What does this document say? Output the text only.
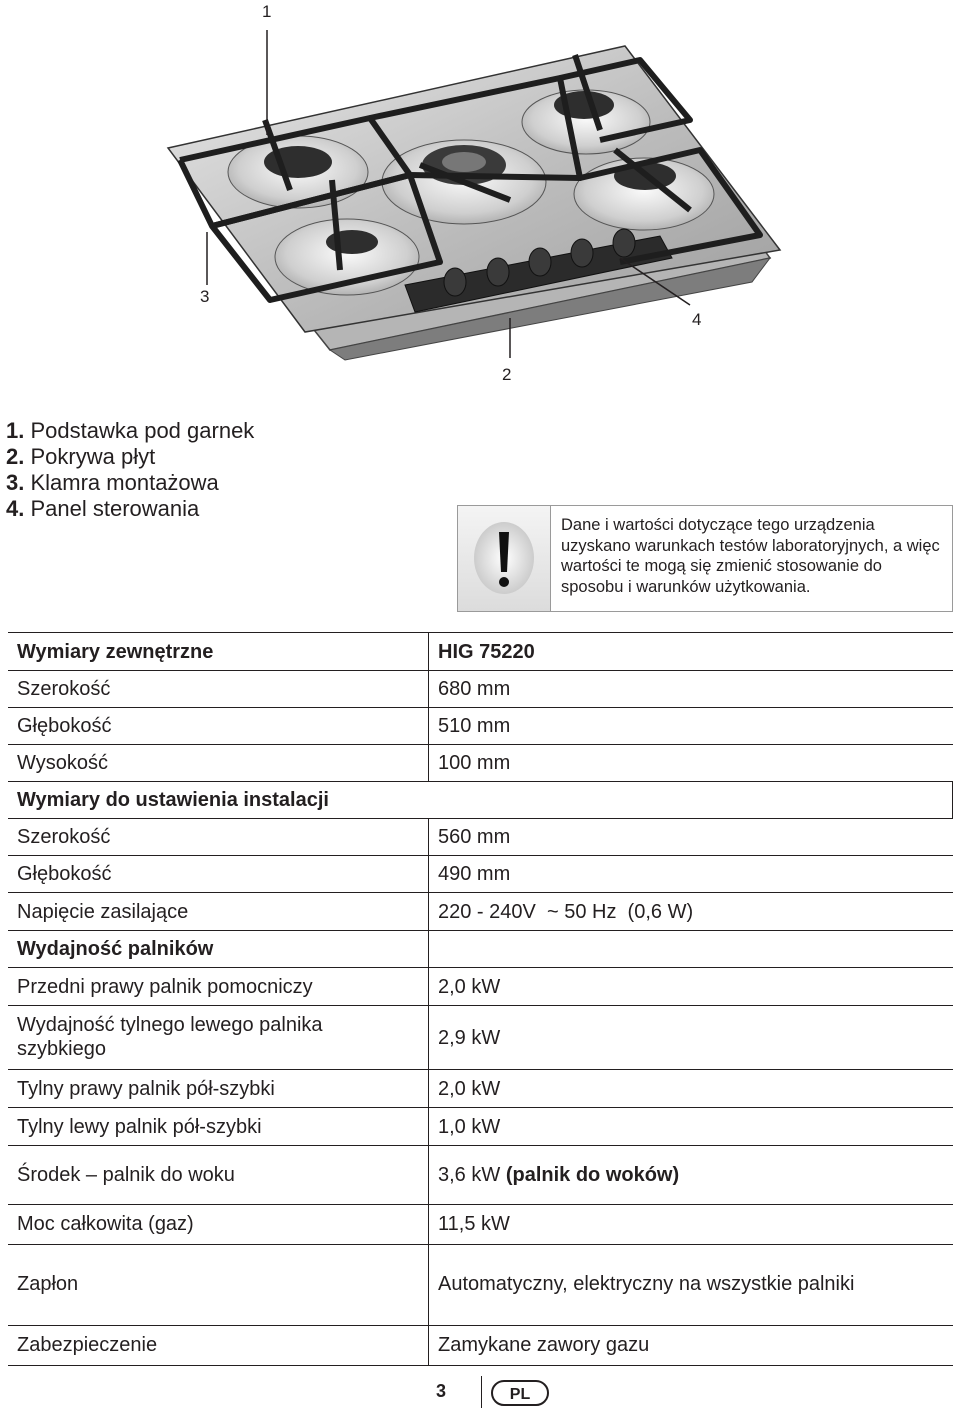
1
2
3
4
1. Podstawka pod garnek
2. Pokrywa płyt
3. Klamra montażowa
4. Panel sterowania
Dane i wartości dotyczące tego urządzenia uzyskano warunkach testów laboratoryjnych, a więc wartości te mogą się zmienić stosowanie do sposobu i warunków użytkowania.
Wymiary zewnętrzne	HIG 75220
Szerokość	680 mm
Głębokość	510 mm
Wysokość	100 mm
Wymiary do ustawienia instalacji
Szerokość	560 mm
Głębokość	490 mm
Napięcie zasilające	220 - 240V  ~ 50 Hz  (0,6 W)
Wydajność palników
Przedni prawy palnik pomocniczy	2,0 kW
Wydajność tylnego lewego palnika szybkiego	2,9 kW
Tylny prawy palnik pół-szybki	2,0 kW
Tylny lewy palnik pół-szybki	1,0 kW
Środek – palnik do woku	3,6 kW (palnik do woków)
Moc całkowita (gaz)	11,5 kW
Zapłon	Automatyczny, elektryczny na wszystkie palniki
Zabezpieczenie	Zamykane zawory gazu
3	PL
